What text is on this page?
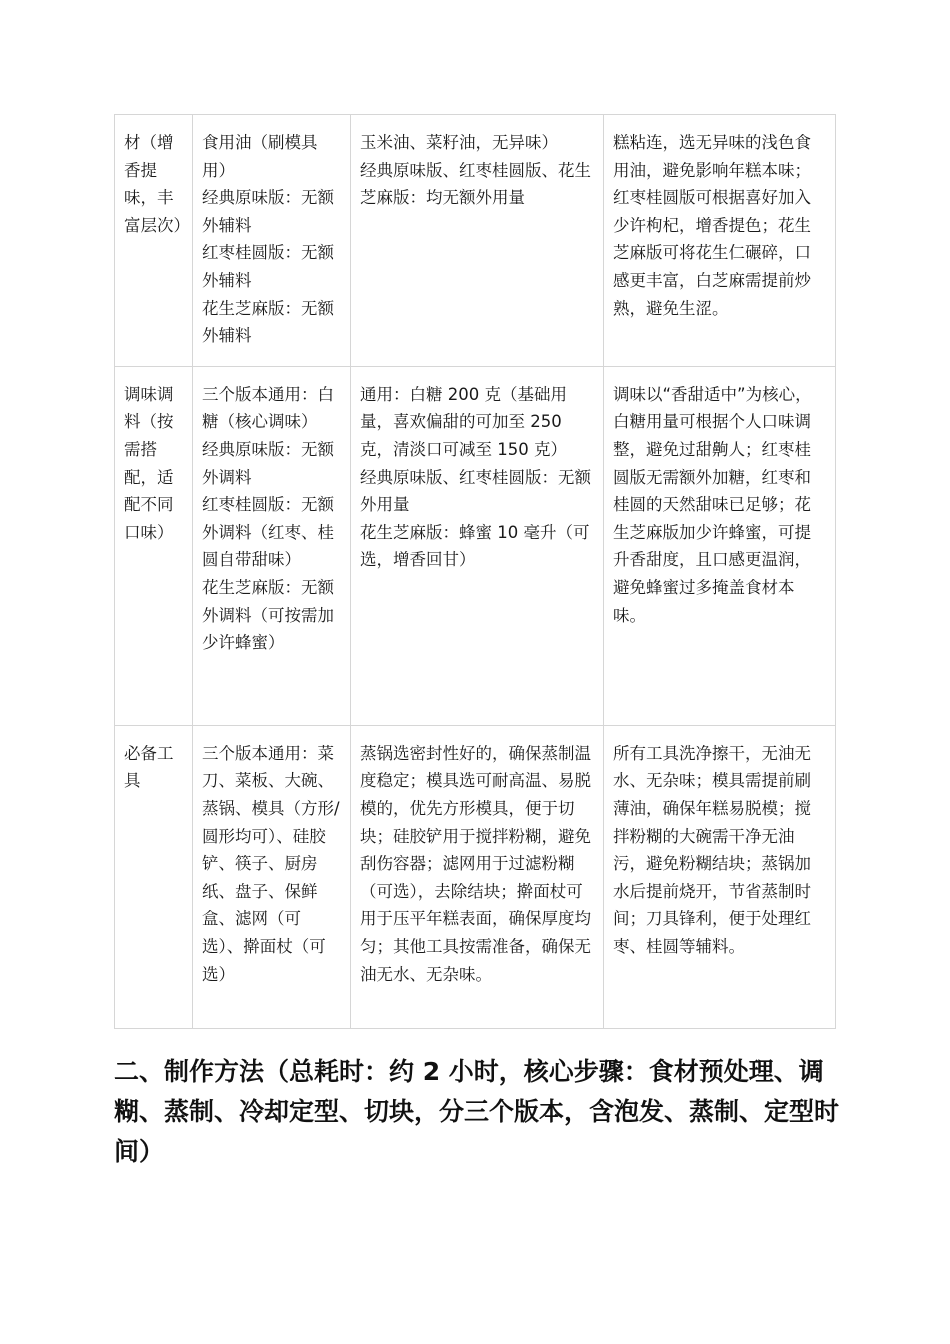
材（增香提味，丰富层次）	食用油（刷模具用）
经典原味版：无额外辅料
红枣桂圆版：无额外辅料
花生芝麻版：无额外辅料	玉米油、菜籽油，无异味）
经典原味版、红枣桂圆版、花生芝麻版：均无额外用量	糕粘连，选无异味的浅色食用油，避免影响年糕本味；红枣桂圆版可根据喜好加入少许枸杞，增香提色；花生芝麻版可将花生仁碾碎，口感更丰富，白芝麻需提前炒熟，避免生涩。
调味调料（按需搭配，适配不同口味）	三个版本通用：白糖（核心调味）
经典原味版：无额外调料
红枣桂圆版：无额外调料（红枣、桂圆自带甜味）
花生芝麻版：无额外调料（可按需加少许蜂蜜）	通用：白糖 200 克（基础用量，喜欢偏甜的可加至 250 克，清淡口可减至 150 克）
经典原味版、红枣桂圆版：无额外用量
花生芝麻版：蜂蜜 10 毫升（可选，增香回甘）	调味以“香甜适中”为核心，白糖用量可根据个人口味调整，避免过甜齁人；红枣桂圆版无需额外加糖，红枣和桂圆的天然甜味已足够；花生芝麻版加少许蜂蜜，可提升香甜度，且口感更温润，避免蜂蜜过多掩盖食材本味。
必备工具	三个版本通用：菜刀、菜板、大碗、蒸锅、模具（方形/圆形均可）、硅胶铲、筷子、厨房纸、盘子、保鲜盒、滤网（可选）、擀面杖（可选）	蒸锅选密封性好的，确保蒸制温度稳定；模具选可耐高温、易脱模的，优先方形模具，便于切块；硅胶铲用于搅拌粉糊，避免刮伤容器；滤网用于过滤粉糊（可选），去除结块；擀面杖可用于压平年糕表面，确保厚度均匀；其他工具按需准备，确保无油无水、无杂味。	所有工具洗净擦干，无油无水、无杂味；模具需提前刷薄油，确保年糕易脱模；搅拌粉糊的大碗需干净无油污，避免粉糊结块；蒸锅加水后提前烧开，节省蒸制时间；刀具锋利，便于处理红枣、桂圆等辅料。
二、制作方法（总耗时：约 2 小时，核心步骤：食材预处理、调糊、蒸制、冷却定型、切块，分三个版本，含泡发、蒸制、定型时间）
